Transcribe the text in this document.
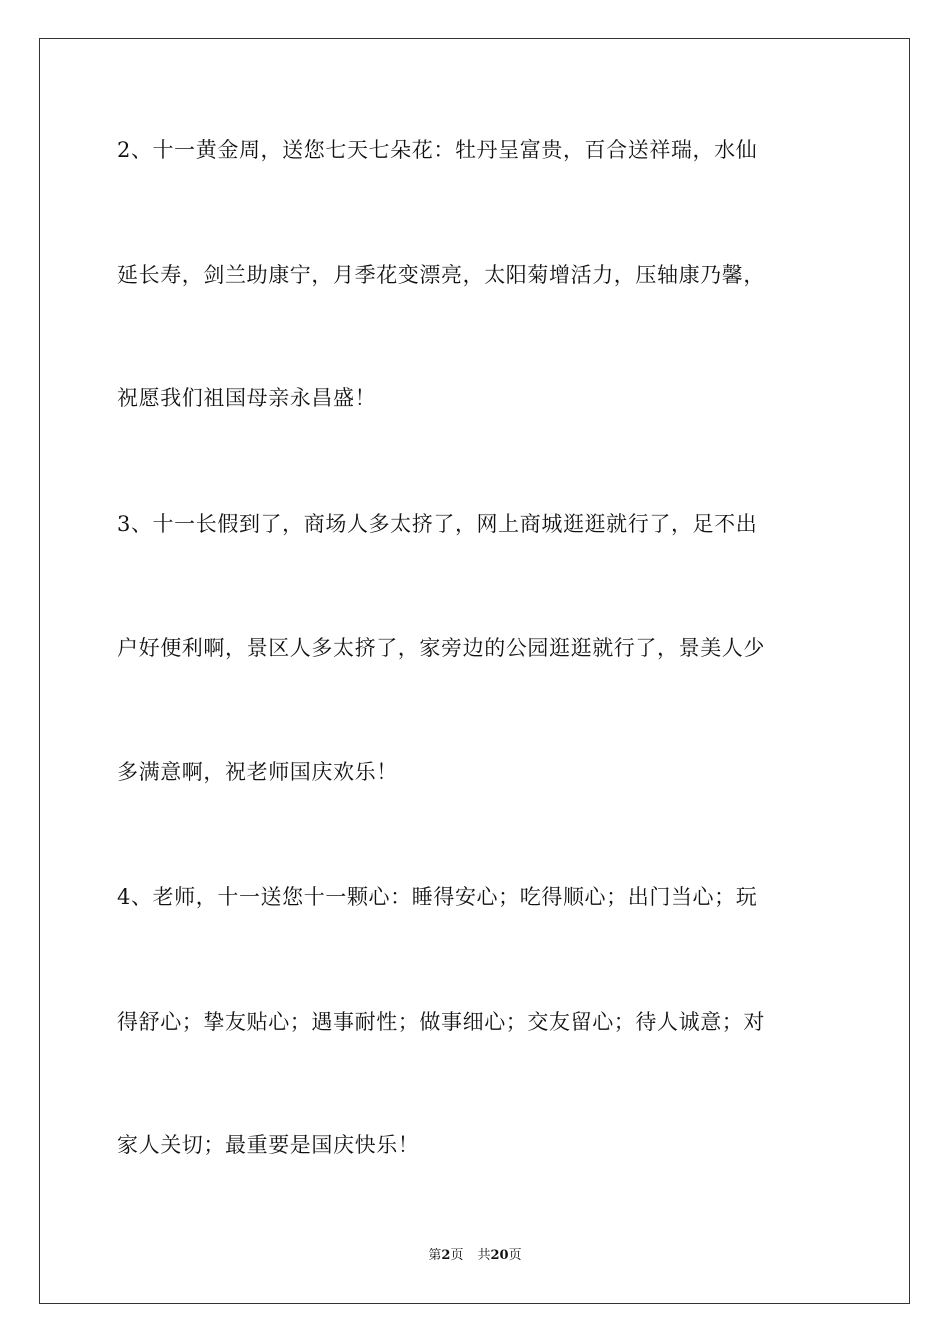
2、十一黄金周，送您七天七朵花：牡丹呈富贵，百合送祥瑞，水仙
延长寿，剑兰助康宁，月季花变漂亮，太阳菊增活力，压轴康乃馨，
祝愿我们祖国母亲永昌盛！
3、十一长假到了，商场人多太挤了，网上商城逛逛就行了，足不出
户好便利啊，景区人多太挤了，家旁边的公园逛逛就行了，景美人少
多满意啊，祝老师国庆欢乐！
4、老师，十一送您十一颗心：睡得安心；吃得顺心；出门当心；玩
得舒心；挚友贴心；遇事耐性；做事细心；交友留心；待人诚意；对
家人关切；最重要是国庆快乐！
第2页 共20页
